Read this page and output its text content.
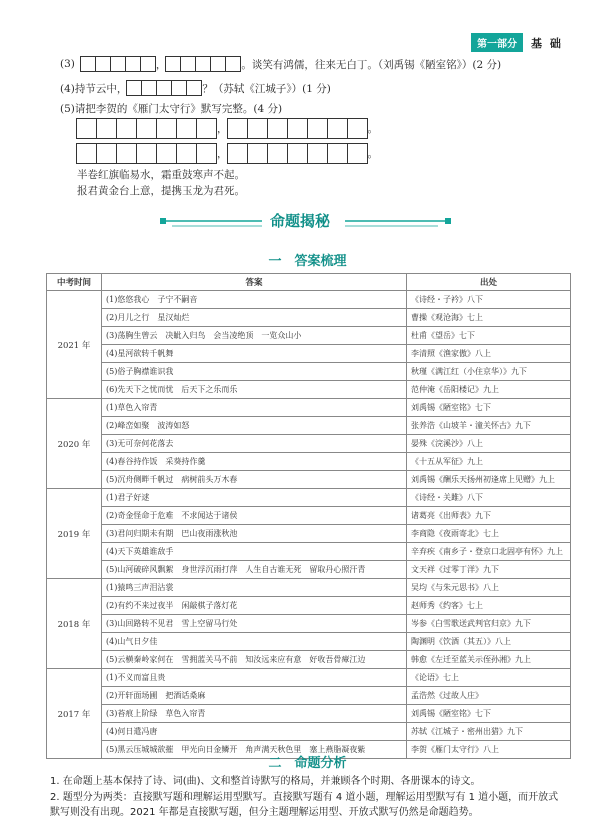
第一部分	基 础
(3)	，	。谈笑有鸿儒，往来无白丁。（刘禹锡《陋室铭》）(2 分)
(4)持节云中，	？（苏轼《江城子》）(1 分)
(5)请把李贺的《雁门太守行》默写完整。(4 分)
，	。
，	。
半卷红旗临易水，霜重鼓寒声不起。
报君黄金台上意，提携玉龙为君死。
命题揭秘
一　答案梳理
中考时间	答案	出处
2021 年	(1)悠悠我心　子宁不嗣音	《诗经・子衿》八下
	(2)月儿之行　星汉灿烂	曹操《观沧海》七上
	(3)荡胸生曾云　决眦入归鸟　会当凌绝顶　一览众山小	杜甫《望岳》七下
	(4)星河欲转千帆舞	李清照《渔家傲》八上
	(5)俗子胸襟谁识我	秋瑾《满江红（小住京华）》九下
	(6)先天下之忧而忧　后天下之乐而乐	范仲淹《岳阳楼记》九上
2020 年	(1)草色入帘青	刘禹锡《陋室铭》七下
	(2)峰峦如聚　波涛如怒	张养浩《山坡羊・潼关怀古》九下
	(3)无可奈何花落去	晏殊《浣溪沙》八上
	(4)春谷持作饭　采葵持作羹	《十五从军征》九上
	(5)沉舟侧畔千帆过　病树前头万木春	刘禹锡《酬乐天扬州初逢席上见赠》九上
2019 年	(1)君子好逑	《诗经・关雎》八下
	(2)奇金怪命于危难　不求闻达于诸侯	诸葛亮《出师表》九下
	(3)君问归期未有期　巴山夜雨涨秋池	李商隐《夜雨寄北》七上
	(4)天下英雄谁敌手	辛弃疾《南乡子・登京口北固亭有怀》九上
	(5)山河破碎风飘絮　身世浮沉雨打萍　人生自古谁无死　留取丹心照汗青	文天祥《过零丁洋》九下
2018 年	(1)猿鸣三声泪沾裳	吴均《与朱元思书》八上
	(2)有约不来过夜半　闲敲棋子落灯花	赵师秀《约客》七上
	(3)山回路转不见君　雪上空留马行处	岑参《白雪歌送武判官归京》九下
	(4)山气日夕佳	陶渊明《饮酒（其五）》八上
	(5)云横秦岭家何在　雪拥蓝关马不前　知汝远来应有意　好收吾骨瘴江边	韩愈《左迁至蓝关示侄孙湘》九上
2017 年	(1)不义而富且贵	《论语》七上
	(2)开轩面场圃　把酒话桑麻	孟浩然《过故人庄》
	(3)苔痕上阶绿　草色入帘青	刘禹锡《陋室铭》七下
	(4)何日遣冯唐	苏轼《江城子・密州出猎》九下
	(5)黑云压城城欲摧　甲光向日金鳞开　角声满天秋色里　塞上燕脂凝夜紫	李贺《雁门太守行》八上
二　命题分析
1. 在命题上基本保持了诗、词(曲)、文和整首诗默写的格局，并兼顾各个时期、各册课本的诗文。
2. 题型分为两类：直接默写题和理解运用型默写。直接默写题有 4 道小题，理解运用型默写有 1 道小题，而开放式
默写则没有出现。2021 年都是直接默写题，但分主题理解运用型、开放式默写仍然是命题趋势。
